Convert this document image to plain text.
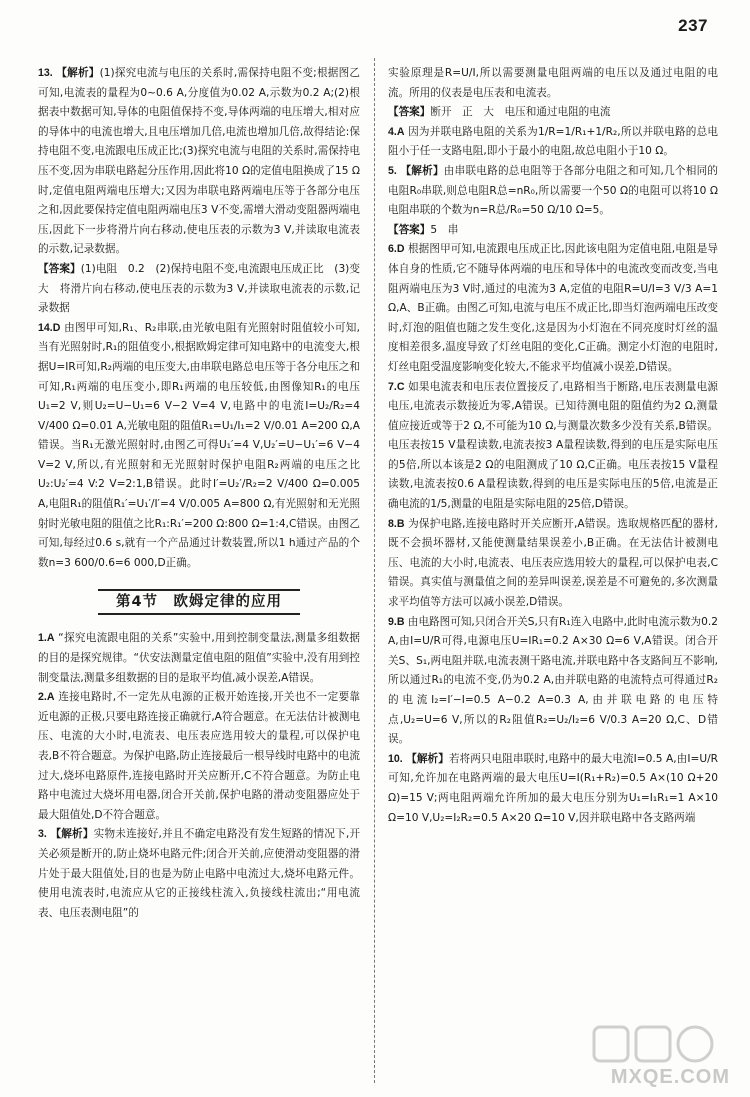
237
13. 【解析】(1)探究电流与电压的关系时,需保持电阻不变;根据图乙可知,电流表的量程为0~0.6 A,分度值为0.02 A,示数为0.2 A;(2)根据表中数据可知,导体的电阻值保持不变,导体两端的电压增大,相对应的导体中的电流也增大,且电压增加几倍,电流也增加几倍,故得结论:保持电阻不变,电流跟电压成正比;(3)探究电流与电阻的关系时,需保持电压不变,因为串联电路起分压作用,因此将10 Ω的定值电阻换成了15 Ω时,定值电阻两端电压增大;又因为串联电路两端电压等于各部分电压之和,因此要保持定值电阻两端电压3 V不变,需增大滑动变阻器两端电压,因此下一步将滑片向右移动,使电压表的示数为3 V,并读取电流表的示数,记录数据。
【答案】(1)电阻　0.2　(2)保持电阻不变,电流跟电压成正比　(3)变大　将滑片向右移动,使电压表的示数为3 V,并读取电流表的示数,记录数据
14.D 由图甲可知,R₁、R₂串联,由光敏电阻有光照射时阻值较小可知,当有光照射时,R₁的阻值变小,根据欧姆定律可知电路中的电流变大,根据U=IR可知,R₂两端的电压变大,由串联电路总电压等于各分电压之和可知,R₁两端的电压变小,即R₁两端的电压较低,由图像知R₁的电压U₁=2 V,则U₂=U−U₁=6 V−2 V=4 V,电路中的电流I=U₂/R₂=4 V/400 Ω=0.01 A,光敏电阻的阻值R₁=U₁/I₁=2 V/0.01 A=200 Ω,A错误。当R₁无激光照射时,由图乙可得U₁′=4 V,U₂′=U−U₁′=6 V−4 V=2 V,所以,有光照射和无光照射时保护电阻R₂两端的电压之比U₂:U₂′=4 V:2 V=2:1,B错误。此时I′=U₂′/R₂=2 V/400 Ω=0.005 A,电阻R₁的阻值R₁′=U₁′/I′=4 V/0.005 A=800 Ω,有光照射和无光照射时光敏电阻的阻值之比R₁:R₁′=200 Ω:800 Ω=1:4,C错误。由图乙可知,每经过0.6 s,就有一个产品通过计数装置,所以1 h通过产品的个数n=3 600/0.6=6 000,D正确。
第4节　欧姆定律的应用
1.A “探究电流跟电阻的关系”实验中,用到控制变量法,测量多组数据的目的是探究规律。“伏安法测量定值电阻的阻值”实验中,没有用到控制变量法,测量多组数据的目的是取平均值,减小误差,A错误。
2.A 连接电路时,不一定先从电源的正极开始连接,开关也不一定要靠近电源的正极,只要电路连接正确就行,A符合题意。在无法估计被测电压、电流的大小时,电流表、电压表应选用较大的量程,可以保护电表,B不符合题意。为保护电路,防止连接最后一根导线时电路中的电流过大,烧坏电路原件,连接电路时开关应断开,C不符合题意。为防止电路中电流过大烧坏用电器,闭合开关前,保护电路的滑动变阻器应处于最大阻值处,D不符合题意。
3. 【解析】实物未连接好,并且不确定电路没有发生短路的情况下,开关必须是断开的,防止烧坏电路元件;闭合开关前,应使滑动变阻器的滑片处于最大阻值处,目的也是为防止电路中电流过大,烧坏电路元件。使用电流表时,电流应从它的正接线柱流入,负接线柱流出;“用电流表、电压表测电阻”的
实验原理是R=U/I,所以需要测量电阻两端的电压以及通过电阻的电流。所用的仪表是电压表和电流表。
【答案】断开　正　大　电压和通过电阻的电流
4.A 因为并联电路电阻的关系为1/R=1/R₁+1/R₂,所以并联电路的总电阻小于任一支路电阻,即小于最小的电阻,故总电阻小于10 Ω。
5. 【解析】由串联电路的总电阻等于各部分电阻之和可知,几个相同的电阻R₀串联,则总电阻R总=nR₀,所以需要一个50 Ω的电阻可以将10 Ω电阻串联的个数为n=R总/R₀=50 Ω/10 Ω=5。
【答案】5　串
6.D 根据图甲可知,电流跟电压成正比,因此该电阻为定值电阻,电阻是导体自身的性质,它不随导体两端的电压和导体中的电流改变而改变,当电阻两端电压为3 V时,通过的电流为3 A,定值的电阻R=U/I=3 V/3 A=1 Ω,A、B正确。由图乙可知,电流与电压不成正比,即当灯泡两端电压改变时,灯泡的阻值也随之发生变化,这是因为小灯泡在不同亮度时灯丝的温度相差很多,温度导致了灯丝电阻的变化,C正确。测定小灯泡的电阻时,灯丝电阻受温度影响变化较大,不能求平均值减小误差,D错误。
7.C 如果电流表和电压表位置接反了,电路相当于断路,电压表测量电源电压,电流表示数接近为零,A错误。已知待测电阻的阻值约为2 Ω,测量值应接近或等于2 Ω,不可能为10 Ω,与测量次数多少没有关系,B错误。电压表按15 V量程读数,电流表按3 A量程读数,得到的电压是实际电压的5倍,所以本该是2 Ω的电阻测成了10 Ω,C正确。电压表按15 V量程读数,电流表按0.6 A量程读数,得到的电压是实际电压的5倍,电流是正确电流的1/5,测量的电阻是实际电阻的25倍,D错误。
8.B 为保护电路,连接电路时开关应断开,A错误。选取规格匹配的器材,既不会损坏器材,又能使测量结果误差小,B正确。在无法估计被测电压、电流的大小时,电流表、电压表应选用较大的量程,可以保护电表,C错误。真实值与测量值之间的差异叫误差,误差是不可避免的,多次测量求平均值等方法可以减小误差,D错误。
9.B 由电路图可知,只闭合开关S,只有R₁连入电路中,此时电流示数为0.2 A,由I=U/R可得,电源电压U=IR₁=0.2 A×30 Ω=6 V,A错误。闭合开关S、S₁,两电阻并联,电流表测干路电流,并联电路中各支路间互不影响,所以通过R₁的电流不变,仍为0.2 A,由并联电路的电流特点可得通过R₂的电流I₂=I′−I=0.5 A−0.2 A=0.3 A,由并联电路的电压特点,U₂=U=6 V,所以的R₂阻值R₂=U₂/I₂=6 V/0.3 A=20 Ω,C、D错误。
10. 【解析】若将两只电阻串联时,电路中的最大电流I=0.5 A,由I=U/R可知,允许加在电路两端的最大电压U=I(R₁+R₂)=0.5 A×(10 Ω+20 Ω)=15 V;两电阻两端允许所加的最大电压分别为U₁=I₁R₁=1 A×10 Ω=10 V,U₂=I₂R₂=0.5 A×20 Ω=10 V,因并联电路中各支路两端
MXQE.COM
